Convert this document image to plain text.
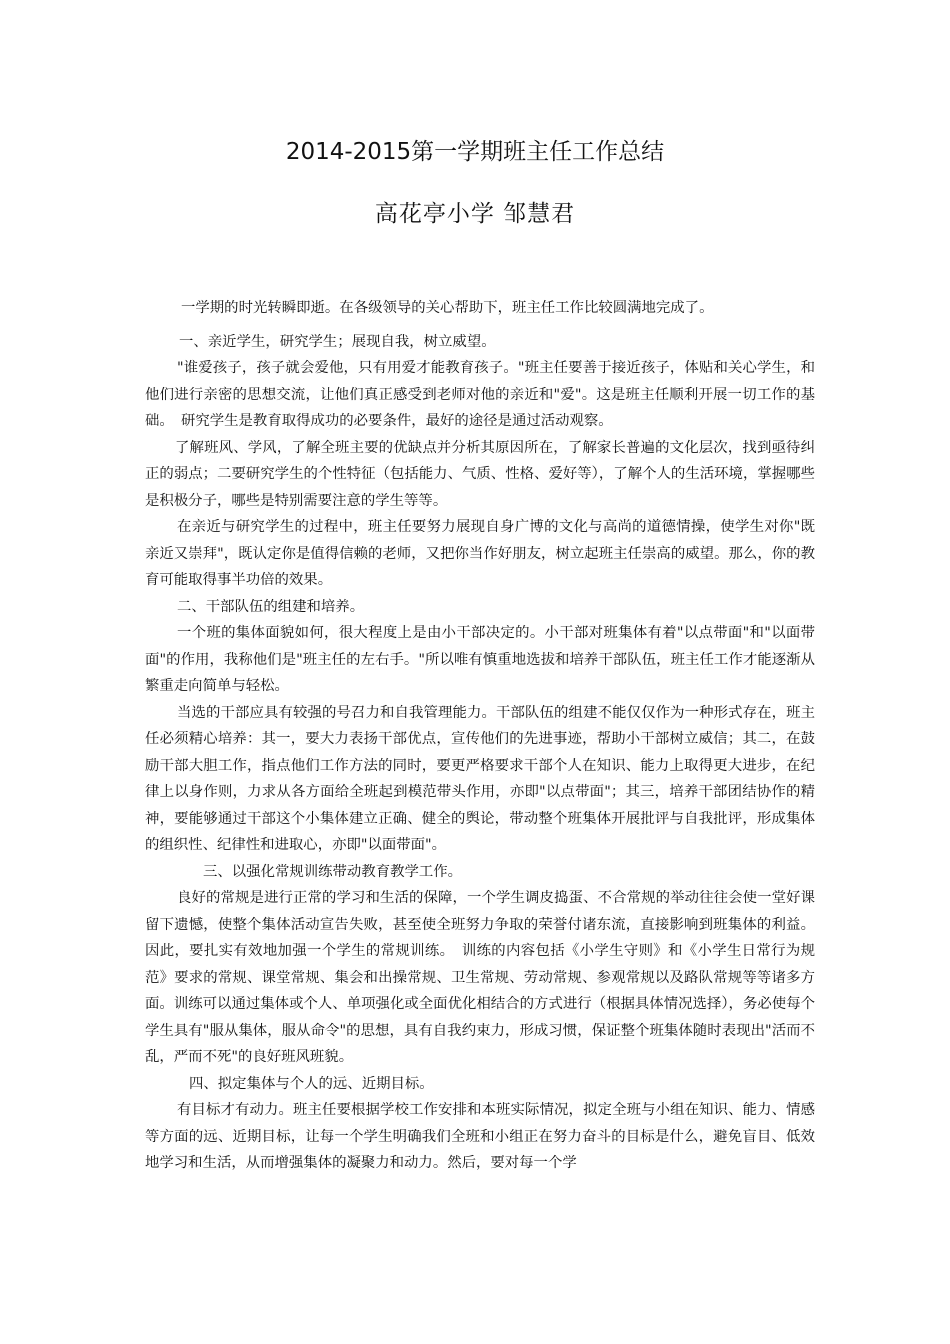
2014-2015第一学期班主任工作总结
高花亭小学 邹慧君

一学期的时光转瞬即逝。在各级领导的关心帮助下，班主任工作比较圆满地完成了。

一、亲近学生，研究学生；展现自我，树立威望。

"谁爱孩子，孩子就会爱他，只有用爱才能教育孩子。"班主任要善于接近孩子，体贴和关心学生，和他们进行亲密的思想交流，让他们真正感受到老师对他的亲近和"爱"。这是班主任顺利开展一切工作的基础。　研究学生是教育取得成功的必要条件，最好的途径是通过活动观察。

了解班风、学风，了解全班主要的优缺点并分析其原因所在，了解家长普遍的文化层次，找到亟待纠正的弱点；二要研究学生的个性特征（包括能力、气质、性格、爱好等），了解个人的生活环境，掌握哪些是积极分子，哪些是特别需要注意的学生等等。

在亲近与研究学生的过程中，班主任要努力展现自身广博的文化与高尚的道德情操，使学生对你"既亲近又崇拜"，既认定你是值得信赖的老师，又把你当作好朋友，树立起班主任崇高的威望。那么，你的教育可能取得事半功倍的效果。

二、干部队伍的组建和培养。

一个班的集体面貌如何，很大程度上是由小干部决定的。小干部对班集体有着"以点带面"和"以面带面"的作用，我称他们是"班主任的左右手。"所以唯有慎重地选拔和培养干部队伍，班主任工作才能逐渐从繁重走向简单与轻松。

当选的干部应具有较强的号召力和自我管理能力。干部队伍的组建不能仅仅作为一种形式存在，班主任必须精心培养：其一，要大力表扬干部优点，宣传他们的先进事迹，帮助小干部树立威信；其二，在鼓励干部大胆工作，指点他们工作方法的同时，要更严格要求干部个人在知识、能力上取得更大进步，在纪律上以身作则，力求从各方面给全班起到模范带头作用，亦即"以点带面"；其三，培养干部团结协作的精神，要能够通过干部这个小集体建立正确、健全的舆论，带动整个班集体开展批评与自我批评，形成集体的组织性、纪律性和进取心，亦即"以面带面"。

三、以强化常规训练带动教育教学工作。

良好的常规是进行正常的学习和生活的保障，一个学生调皮捣蛋、不合常规的举动往往会使一堂好课留下遗憾，使整个集体活动宣告失败，甚至使全班努力争取的荣誉付诸东流，直接影响到班集体的利益。因此，要扎实有效地加强一个学生的常规训练。　训练的内容包括《小学生守则》和《小学生日常行为规范》要求的常规、课堂常规、集会和出操常规、卫生常规、劳动常规、参观常规以及路队常规等等诸多方面。训练可以通过集体或个人、单项强化或全面优化相结合的方式进行（根据具体情况选择），务必使每个学生具有"服从集体，服从命令"的思想，具有自我约束力，形成习惯，保证整个班集体随时表现出"活而不乱，严而不死"的良好班风班貌。

四、拟定集体与个人的远、近期目标。

有目标才有动力。班主任要根据学校工作安排和本班实际情况，拟定全班与小组在知识、能力、情感等方面的远、近期目标，让每一个学生明确我们全班和小组正在努力奋斗的目标是什么，避免盲目、低效地学习和生活，从而增强集体的凝聚力和动力。然后，要对每一个学
